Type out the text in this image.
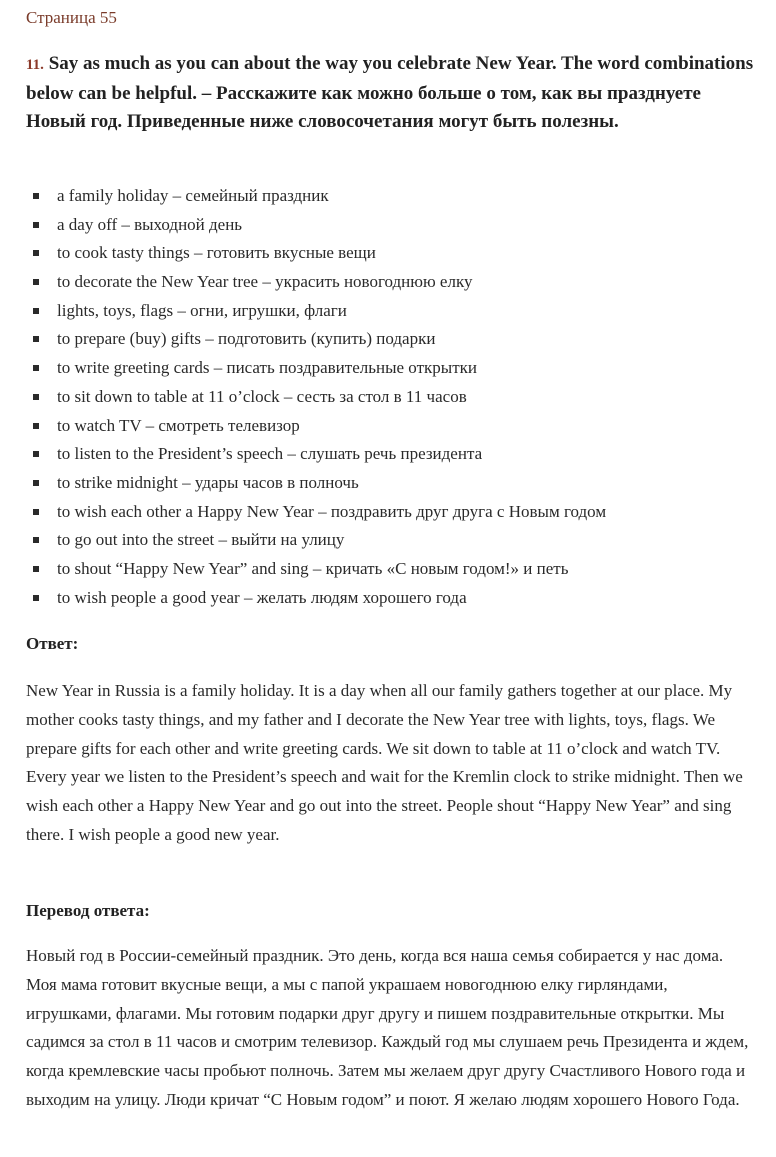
Страница 55
11. Say as much as you can about the way you celebrate New Year. The word combinations below can be helpful. – Расскажите как можно больше о том, как вы празднуете Новый год. Приведенные ниже словосочетания могут быть полезны.
a family holiday – семейный праздник
a day off – выходной день
to cook tasty things – готовить вкусные вещи
to decorate the New Year tree – украсить новогоднюю елку
lights, toys, flags – огни, игрушки, флаги
to prepare (buy) gifts – подготовить (купить) подарки
to write greeting cards – писать поздравительные открытки
to sit down to table at 11 o’clock – сесть за стол в 11 часов
to watch TV – смотреть телевизор
to listen to the President’s speech – слушать речь президента
to strike midnight – удары часов в полночь
to wish each other a Happy New Year – поздравить друг друга с Новым годом
to go out into the street – выйти на улицу
to shout “Happy New Year” and sing – кричать «С новым годом!» и петь
to wish people a good year – желать людям хорошего года
Ответ:

New Year in Russia is a family holiday. It is a day when all our family gathers together at our place. My mother cooks tasty things, and my father and I decorate the New Year tree with lights, toys, flags. We prepare gifts for each other and write greeting cards. We sit down to table at 11 o’clock and watch TV. Every year we listen to the President’s speech and wait for the Kremlin clock to strike midnight. Then we wish each other a Happy New Year and go out into the street. People shout “Happy New Year” and sing there. I wish people a good new year.

Перевод ответа:

Новый год в России-семейный праздник. Это день, когда вся наша семья собирается у нас дома. Моя мама готовит вкусные вещи, а мы с папой украшаем новогоднюю елку гирляндами, игрушками, флагами. Мы готовим подарки друг другу и пишем поздравительные открытки. Мы садимся за стол в 11 часов и смотрим телевизор. Каждый год мы слушаем речь Президента и ждем, когда кремлевские часы пробьют полночь. Затем мы желаем друг другу Счастливого Нового года и выходим на улицу. Люди кричат “С Новым годом” и поют. Я желаю людям хорошего Нового Года.
